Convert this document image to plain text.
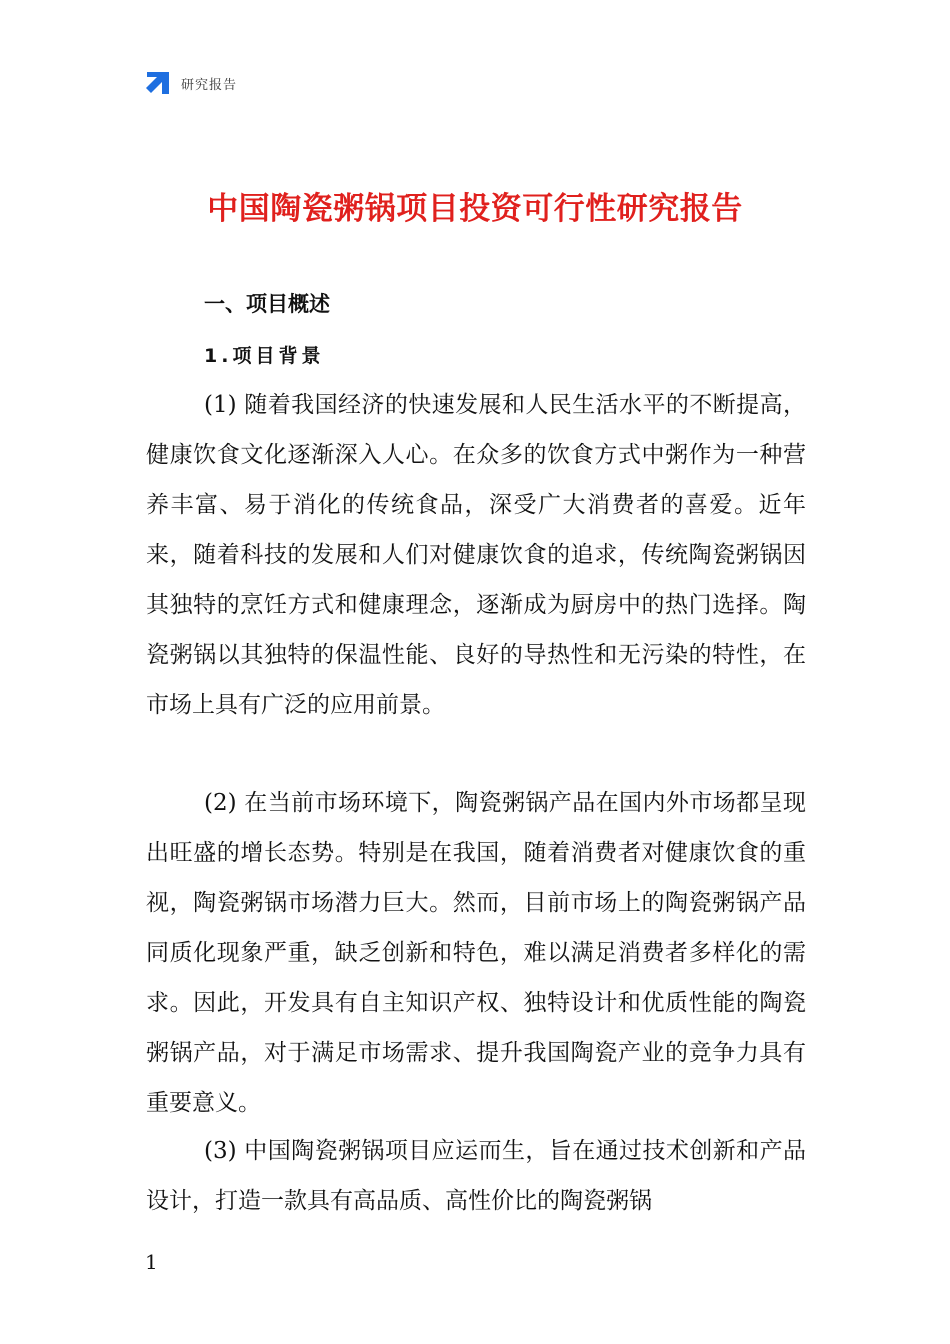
研究报告
中国陶瓷粥锅项目投资可行性研究报告
一、项目概述
1.项目背景

(1) 随着我国经济的快速发展和人民生活水平的不断提高，健康饮食文化逐渐深入人心。在众多的饮食方式中粥作为一种营养丰富、易于消化的传统食品，深受广大消费者的喜爱。近年来，随着科技的发展和人们对健康饮食的追求，传统陶瓷粥锅因其独特的烹饪方式和健康理念，逐渐成为厨房中的热门选择。陶瓷粥锅以其独特的保温性能、良好的导热性和无污染的特性，在市场上具有广泛的应用前景。

(2) 在当前市场环境下，陶瓷粥锅产品在国内外市场都呈现出旺盛的增长态势。特别是在我国，随着消费者对健康饮食的重视，陶瓷粥锅市场潜力巨大。然而，目前市场上的陶瓷粥锅产品同质化现象严重，缺乏创新和特色，难以满足消费者多样化的需求。因此，开发具有自主知识产权、独特设计和优质性能的陶瓷粥锅产品，对于满足市场需求、提升我国陶瓷产业的竞争力具有重要意义。

(3) 中国陶瓷粥锅项目应运而生，旨在通过技术创新和产品设计，打造一款具有高品质、高性价比的陶瓷粥锅

1
